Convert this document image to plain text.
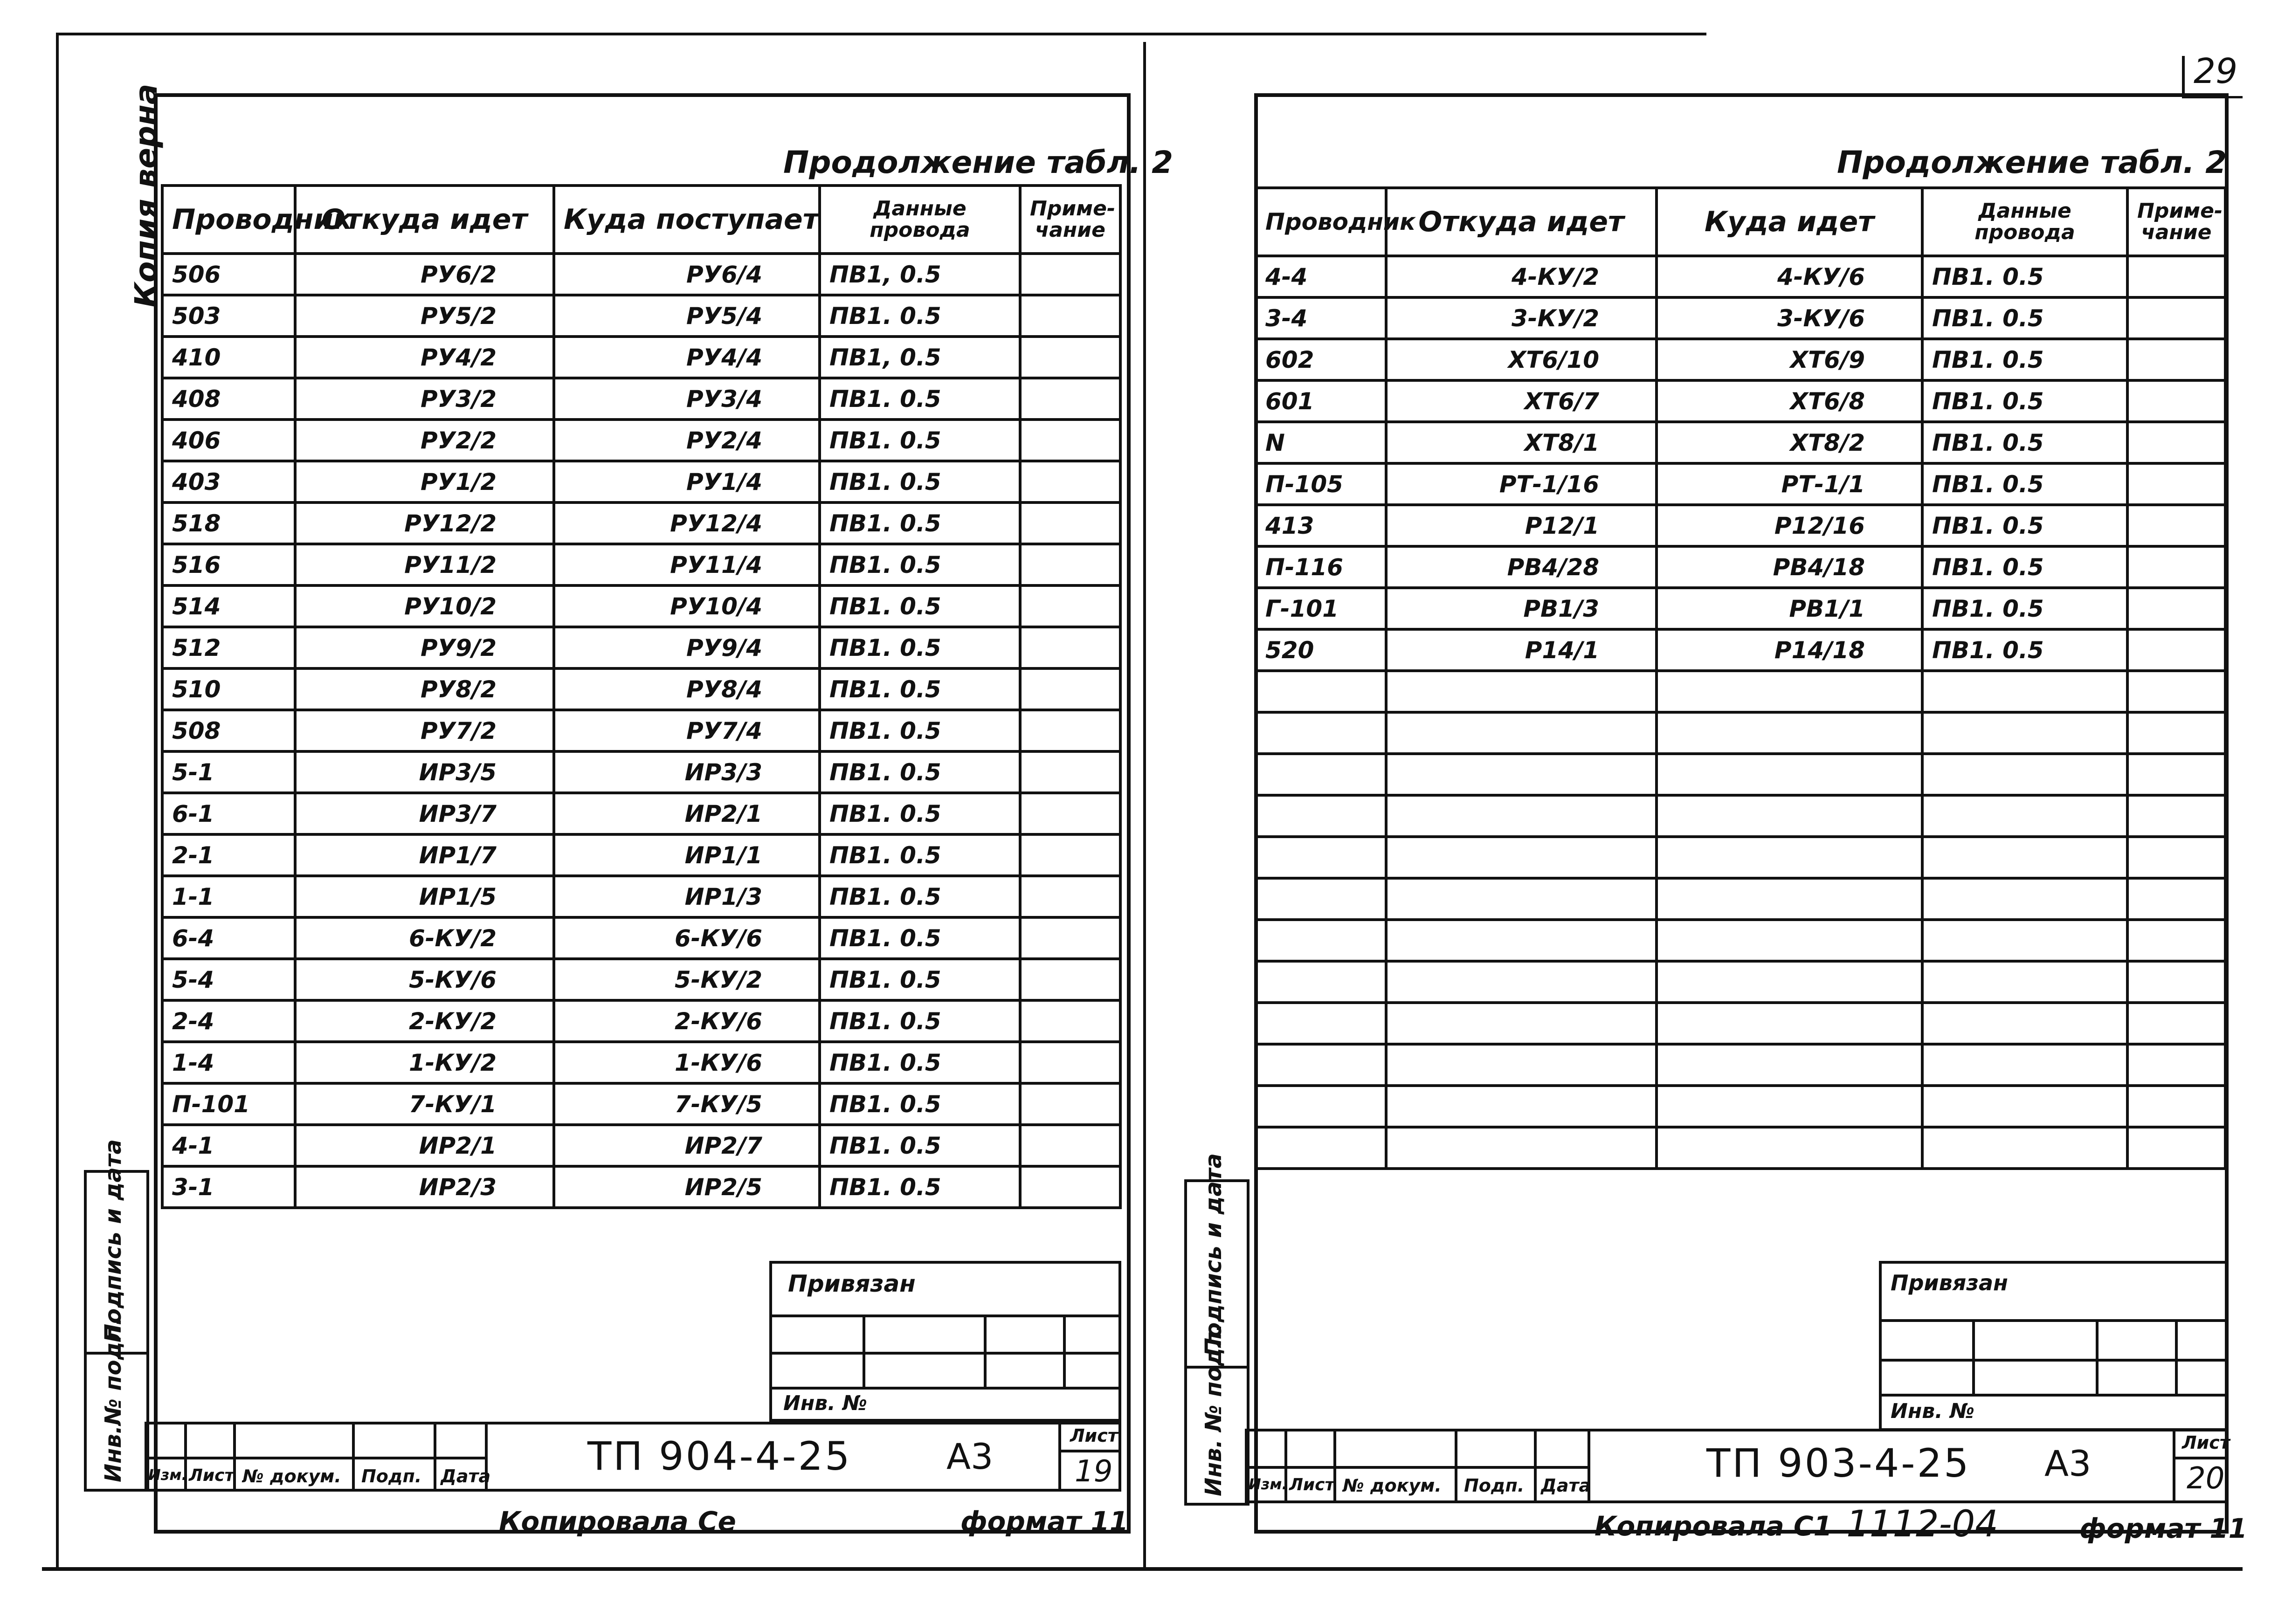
29
Копия верна	Продолжение табл. 2
Проводник	Откуда идет	Куда поступает	Данные провода	Приме-чание
506	РУ6/2	РУ6/4	ПВ1, 0.5	
503	РУ5/2	РУ5/4	ПВ1. 0.5	
410	РУ4/2	РУ4/4	ПВ1, 0.5	
408	РУ3/2	РУ3/4	ПВ1. 0.5	
406	РУ2/2	РУ2/4	ПВ1. 0.5	
403	РУ1/2	РУ1/4	ПВ1. 0.5	
518	РУ12/2	РУ12/4	ПВ1. 0.5	
516	РУ11/2	РУ11/4	ПВ1. 0.5	
514	РУ10/2	РУ10/4	ПВ1. 0.5	
512	РУ9/2	РУ9/4	ПВ1. 0.5	
510	РУ8/2	РУ8/4	ПВ1. 0.5	
508	РУ7/2	РУ7/4	ПВ1. 0.5	
5-1	ИР3/5	ИР3/3	ПВ1. 0.5	
6-1	ИР3/7	ИР2/1	ПВ1. 0.5	
2-1	ИР1/7	ИР1/1	ПВ1. 0.5	
1-1	ИР1/5	ИР1/3	ПВ1. 0.5	
6-4	6-КУ/2	6-КУ/6	ПВ1. 0.5	
5-4	5-КУ/6	5-КУ/2	ПВ1. 0.5	
2-4	2-КУ/2	2-КУ/6	ПВ1. 0.5	
1-4	1-КУ/2	1-КУ/6	ПВ1. 0.5	
П-101	7-КУ/1	7-КУ/5	ПВ1. 0.5	
4-1	ИР2/1	ИР2/7	ПВ1. 0.5	
3-1	ИР2/3	ИР2/5	ПВ1. 0.5	
Инв.№ подл.
Подпись и дата	Привязан
Инв. №
Изм. Лист № докум. Подп. Дата ТП 904-4-25	А3	Лист
19
Копировала Се	формат 11
Продолжение табл. 2
Проводник	Откуда идет	Куда идет	Данные провода	Приме-чание
4-4	4-КУ/2	4-КУ/6	ПВ1. 0.5	
3-4	3-КУ/2	3-КУ/6	ПВ1. 0.5	
602	ХТ6/10	ХТ6/9	ПВ1. 0.5	
601	ХТ6/7	ХТ6/8	ПВ1. 0.5	
N	ХТ8/1	ХТ8/2	ПВ1. 0.5	
П-105	РТ-1/16	РТ-1/1	ПВ1. 0.5	
413	Р12/1	Р12/16	ПВ1. 0.5	
П-116	РВ4/28	РВ4/18	ПВ1. 0.5	
Г-101	РВ1/3	РВ1/1	ПВ1. 0.5	
520	Р14/1	Р14/18	ПВ1. 0.5	

Инв. № подл.
Подпись и дата	Привязан
Инв. №
Изм. Лист № докум. Подп. Дата	ТП 903-4-25 А3	Лист
20
Копировала С1 1112-04	формат 11
